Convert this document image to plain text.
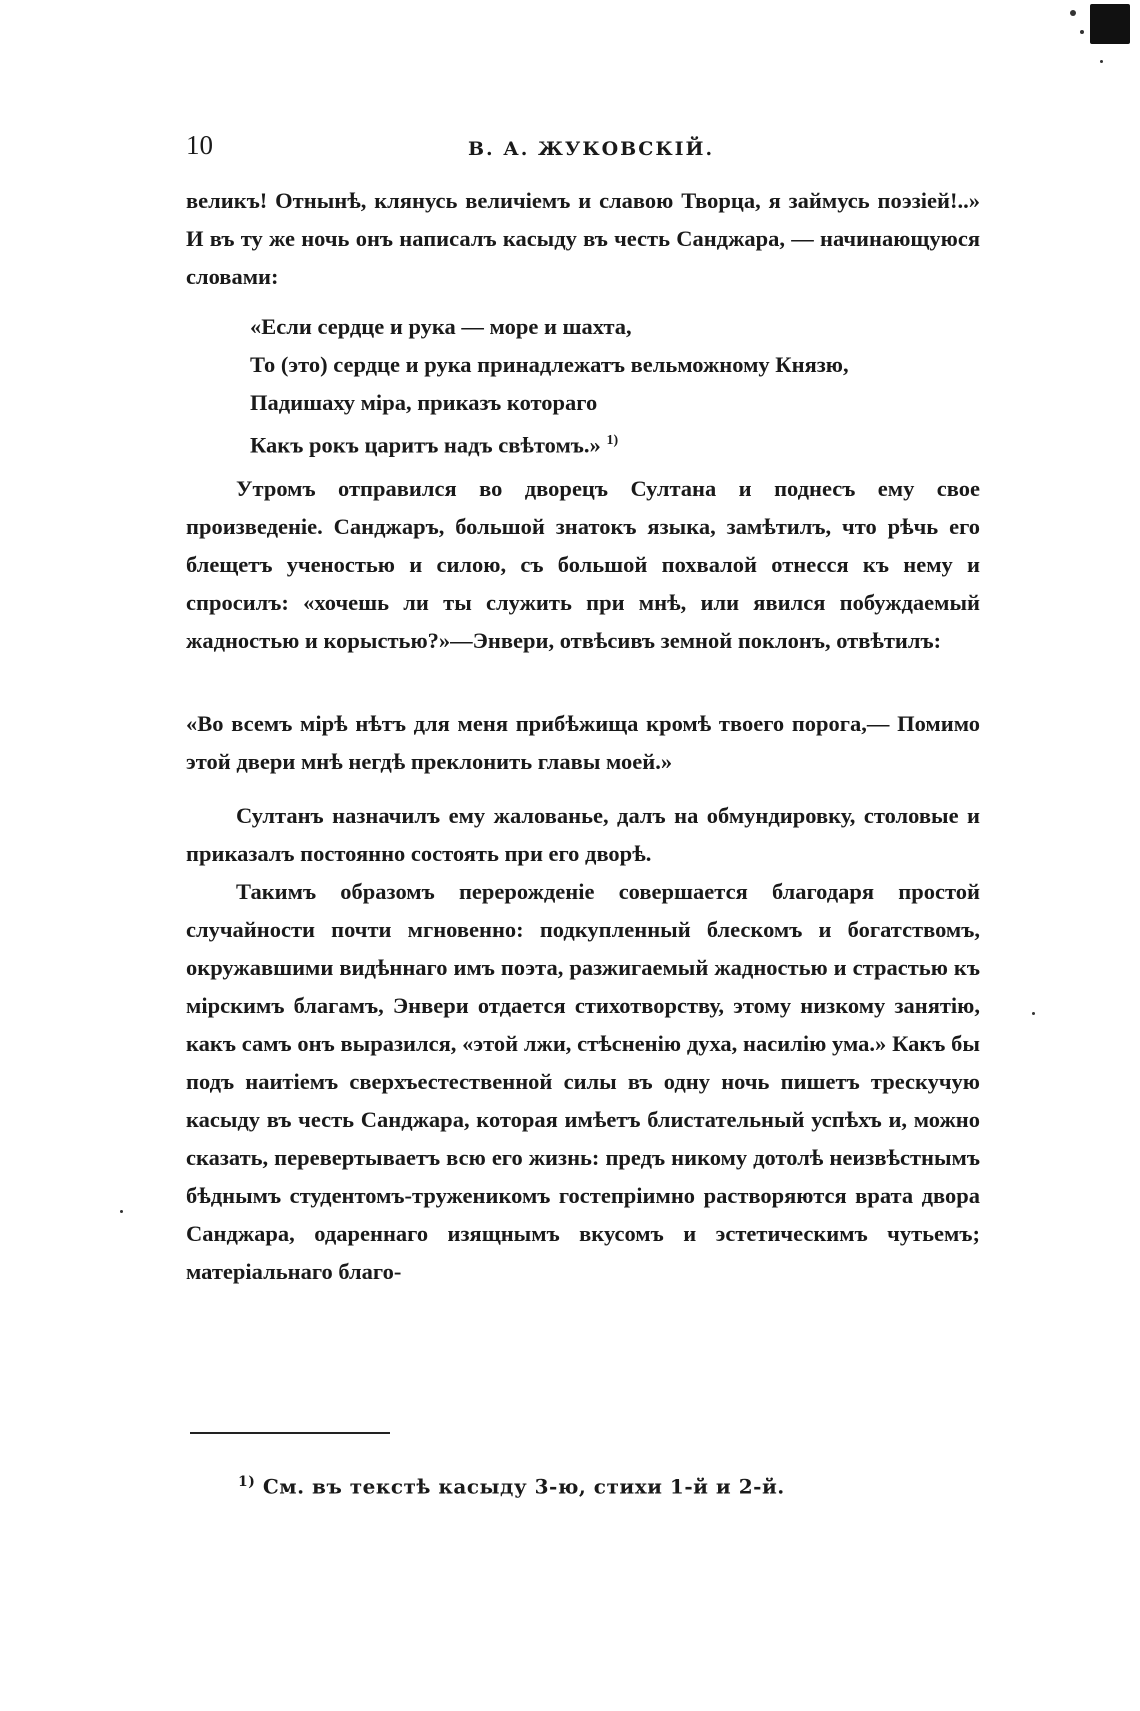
10	В. А. ЖУКОВСКІЙ.

великъ! Отнынѣ, клянусь величіемъ и славою Творца, я займусь поэзіей!..» И въ ту же ночь онъ написалъ касыду въ честь Санджара, — начинающуюся словами:

«Если сердце и рука — море и шахта,
То (это) сердце и рука принадлежатъ вельможному Князю,
Падишаху міра, приказъ котораго
Какъ рокъ царитъ надъ свѣтомъ.» $^{1)}$

Утромъ отправился во дворецъ Султана и поднесъ ему свое произведеніе. Санджаръ, большой знатокъ языка, замѣтилъ, что рѣчь его блещетъ ученостью и силою, съ большой похвалой отнесся къ нему и спросилъ: «хочешь ли ты служить при мнѣ, или явился побуждаемый жадностью и корыстью?»—Энвери, отвѣсивъ земной поклонъ, отвѣтилъ:

«Во всемъ мірѣ нѣтъ для меня прибѣжища кромѣ твоего порога,— Помимо этой двери мнѣ негдѣ преклонить главы моей.»

Султанъ назначилъ ему жалованье, далъ на обмундировку, столовые и приказалъ постоянно состоять при его дворѣ.

Такимъ образомъ перерожденіе совершается благодаря простой случайности почти мгновенно: подкупленный блескомъ и богатствомъ, окружавшими видѣннаго имъ поэта, разжигаемый жадностью и страстью къ мірскимъ благамъ, Энвери отдается стихотворству, этому низкому занятію, какъ самъ онъ выразился, «этой лжи, стѣсненію духа, насилію ума.» Какъ бы подъ наитіемъ сверхъестественной силы въ одну ночь пишетъ трескучую касыду въ честь Санджара, которая имѣетъ блистательный успѣхъ и, можно сказать, перевертываетъ всю его жизнь: предъ никому дотолѣ неизвѣстнымъ бѣднымъ студентомъ-труженикомъ гостепріимно растворяются врата двора Санджара, одареннаго изящнымъ вкусомъ и эстетическимъ чутьемъ; матеріальнаго благо-

$^{1)}$ См. въ текстѣ касыду 3-ю, стихи 1-й и 2-й.
